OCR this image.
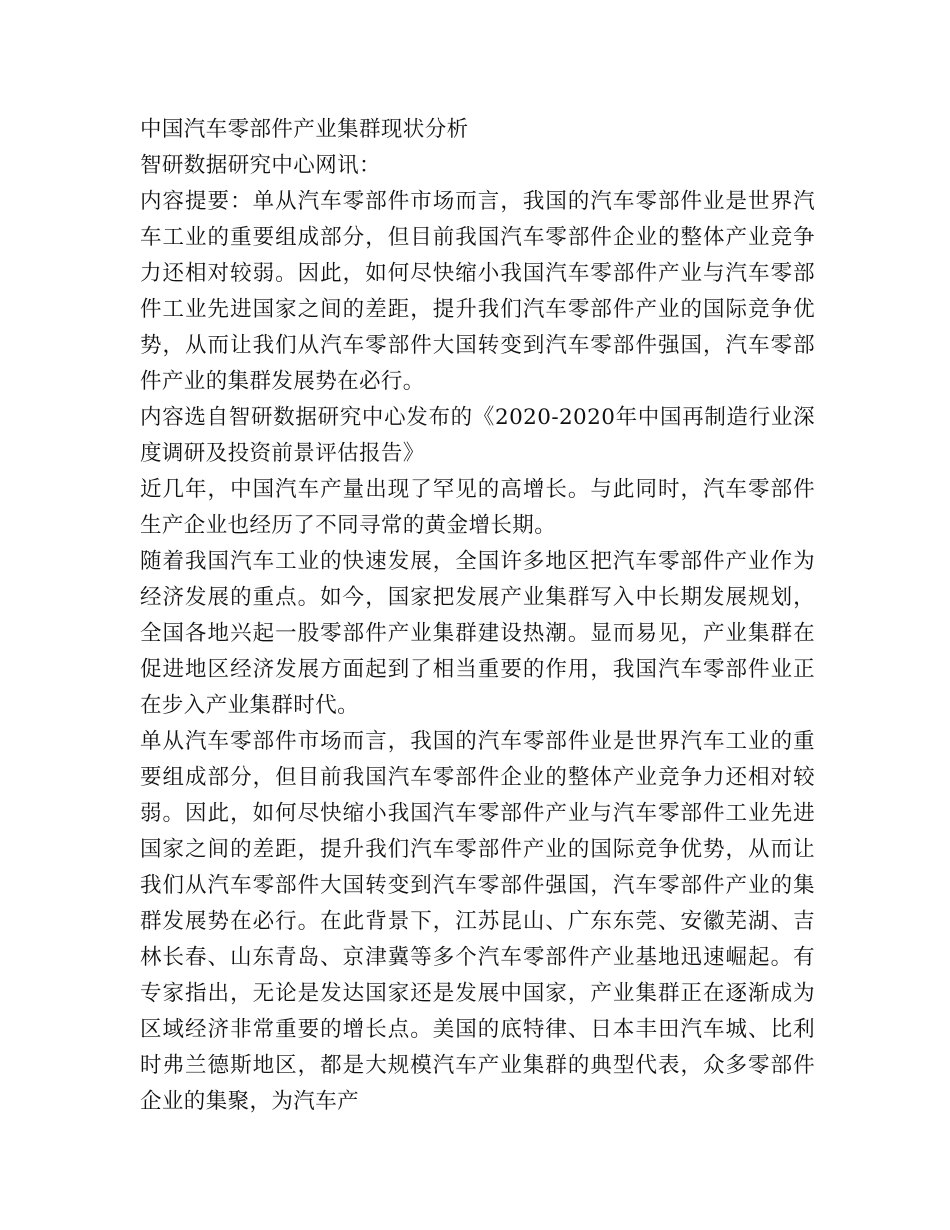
中国汽车零部件产业集群现状分析

智研数据研究中心网讯：

内容提要：单从汽车零部件市场而言，我国的汽车零部件业是世界汽车工业的重要组成部分，但目前我国汽车零部件企业的整体产业竞争力还相对较弱。因此，如何尽快缩小我国汽车零部件产业与汽车零部件工业先进国家之间的差距，提升我们汽车零部件产业的国际竞争优势，从而让我们从汽车零部件大国转变到汽车零部件强国，汽车零部件产业的集群发展势在必行。

内容选自智研数据研究中心发布的《2020-2020年中国再制造行业深度调研及投资前景评估报告》

近几年，中国汽车产量出现了罕见的高增长。与此同时，汽车零部件生产企业也经历了不同寻常的黄金增长期。

随着我国汽车工业的快速发展，全国许多地区把汽车零部件产业作为经济发展的重点。如今，国家把发展产业集群写入中长期发展规划，全国各地兴起一股零部件产业集群建设热潮。显而易见，产业集群在促进地区经济发展方面起到了相当重要的作用，我国汽车零部件业正在步入产业集群时代。

单从汽车零部件市场而言，我国的汽车零部件业是世界汽车工业的重要组成部分，但目前我国汽车零部件企业的整体产业竞争力还相对较弱。因此，如何尽快缩小我国汽车零部件产业与汽车零部件工业先进国家之间的差距，提升我们汽车零部件产业的国际竞争优势，从而让我们从汽车零部件大国转变到汽车零部件强国，汽车零部件产业的集群发展势在必行。在此背景下，江苏昆山、广东东莞、安徽芜湖、吉林长春、山东青岛、京津冀等多个汽车零部件产业基地迅速崛起。有专家指出，无论是发达国家还是发展中国家，产业集群正在逐渐成为区域经济非常重要的增长点。美国的底特律、日本丰田汽车城、比利时弗兰德斯地区，都是大规模汽车产业集群的典型代表，众多零部件企业的集聚，为汽车产
